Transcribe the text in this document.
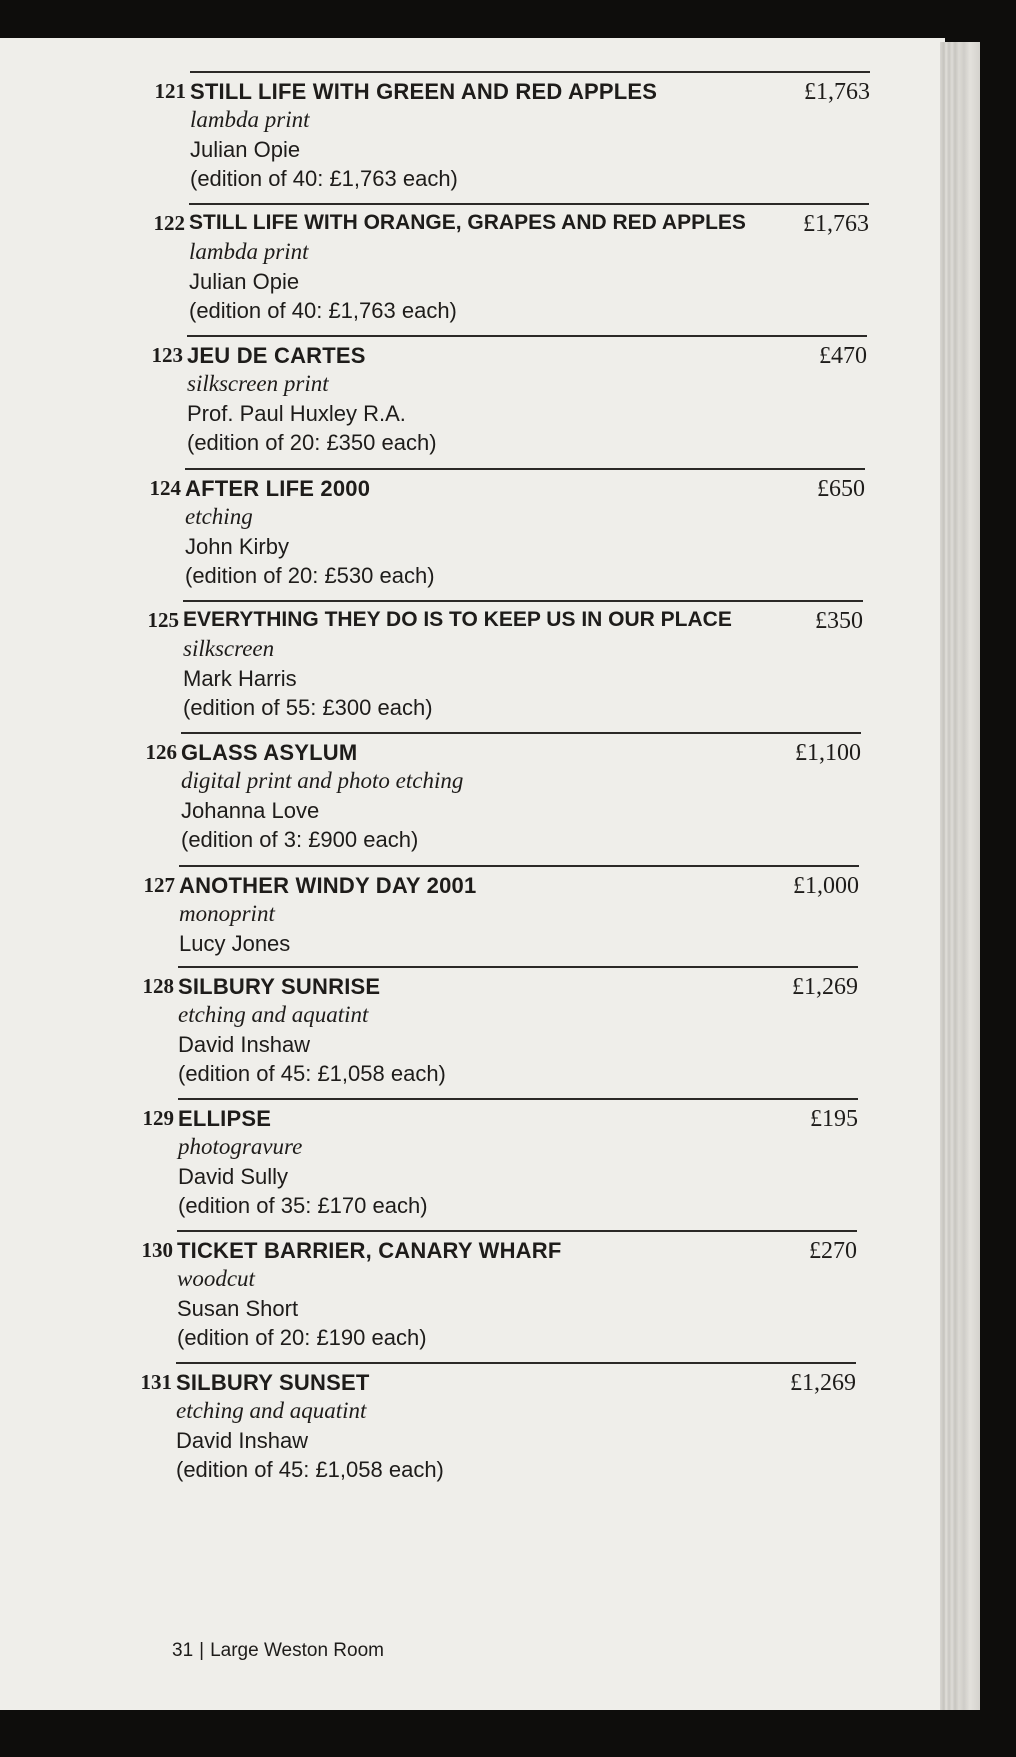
121 STILL LIFE WITH GREEN AND RED APPLES	£1,763
lambda print
Julian Opie
(edition of 40: £1,763 each)
122 STILL LIFE WITH ORANGE, GRAPES AND RED APPLES	£1,763
lambda print
Julian Opie
(edition of 40: £1,763 each)
123 JEU DE CARTES	£470
silkscreen print
Prof. Paul Huxley R.A.
(edition of 20: £350 each)
124 AFTER LIFE 2000	£650
etching
John Kirby
(edition of 20: £530 each)
125 EVERYTHING THEY DO IS TO KEEP US IN OUR PLACE	£350
silkscreen
Mark Harris
(edition of 55: £300 each)
126 GLASS ASYLUM	£1,100
digital print and photo etching
Johanna Love
(edition of 3: £900 each)
127 ANOTHER WINDY DAY 2001	£1,000
monoprint
Lucy Jones
128 SILBURY SUNRISE	£1,269
etching and aquatint
David Inshaw
(edition of 45: £1,058 each)
129 ELLIPSE	£195
photogravure
David Sully
(edition of 35: £170 each)
130 TICKET BARRIER, CANARY WHARF	£270
woodcut
Susan Short
(edition of 20: £190 each)
131 SILBURY SUNSET	£1,269
etching and aquatint
David Inshaw
(edition of 45: £1,058 each)
31 | Large Weston Room
